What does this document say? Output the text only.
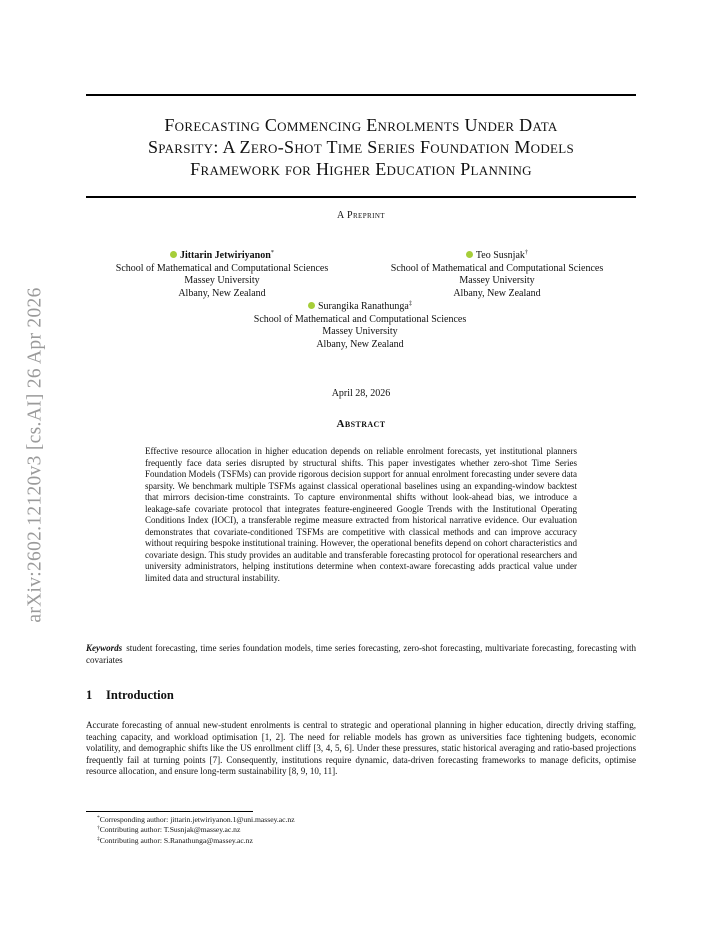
arXiv:2602.12120v3 [cs.AI] 26 Apr 2026
Forecasting Commencing Enrolments Under Data
Sparsity: A Zero-Shot Time Series Foundation Models
Framework for Higher Education Planning
A Preprint
Jittarin Jetwiriyanon*
School of Mathematical and Computational Sciences
Massey University
Albany, New Zealand
Teo Susnjak†
School of Mathematical and Computational Sciences
Massey University
Albany, New Zealand
Surangika Ranathunga‡
School of Mathematical and Computational Sciences
Massey University
Albany, New Zealand
April 28, 2026
Abstract
Effective resource allocation in higher education depends on reliable enrolment forecasts, yet institutional planners frequently face data series disrupted by structural shifts. This paper investigates whether zero-shot Time Series Foundation Models (TSFMs) can provide rigorous decision support for annual enrolment forecasting under severe data sparsity. We benchmark multiple TSFMs against classical operational baselines using an expanding-window backtest that mirrors decision-time constraints. To capture environmental shifts without look-ahead bias, we introduce a leakage-safe covariate protocol that integrates feature-engineered Google Trends with the Institutional Operating Conditions Index (IOCI), a transferable regime measure extracted from historical narrative evidence. Our evaluation demonstrates that covariate-conditioned TSFMs are competitive with classical methods and can improve accuracy without requiring bespoke institutional training. However, the operational benefits depend on cohort characteristics and covariate design. This study provides an auditable and transferable forecasting protocol for operational researchers and university administrators, helping institutions determine when context-aware forecasting adds practical value under limited data and structural instability.
Keywords student forecasting, time series foundation models, time series forecasting, zero-shot forecasting, multivariate forecasting, forecasting with covariates
1 Introduction
Accurate forecasting of annual new-student enrolments is central to strategic and operational planning in higher education, directly driving staffing, teaching capacity, and workload optimisation [1, 2]. The need for reliable models has grown as universities face tightening budgets, economic volatility, and demographic shifts like the US enrollment cliff [3, 4, 5, 6]. Under these pressures, static historical averaging and ratio-based projections frequently fail at turning points [7]. Consequently, institutions require dynamic, data-driven forecasting frameworks to manage deficits, optimise resource allocation, and ensure long-term sustainability [8, 9, 10, 11].
*Corresponding author: jittarin.jetwiriyanon.1@uni.massey.ac.nz
†Contributing author: T.Susnjak@massey.ac.nz
‡Contributing author: S.Ranathunga@massey.ac.nz
